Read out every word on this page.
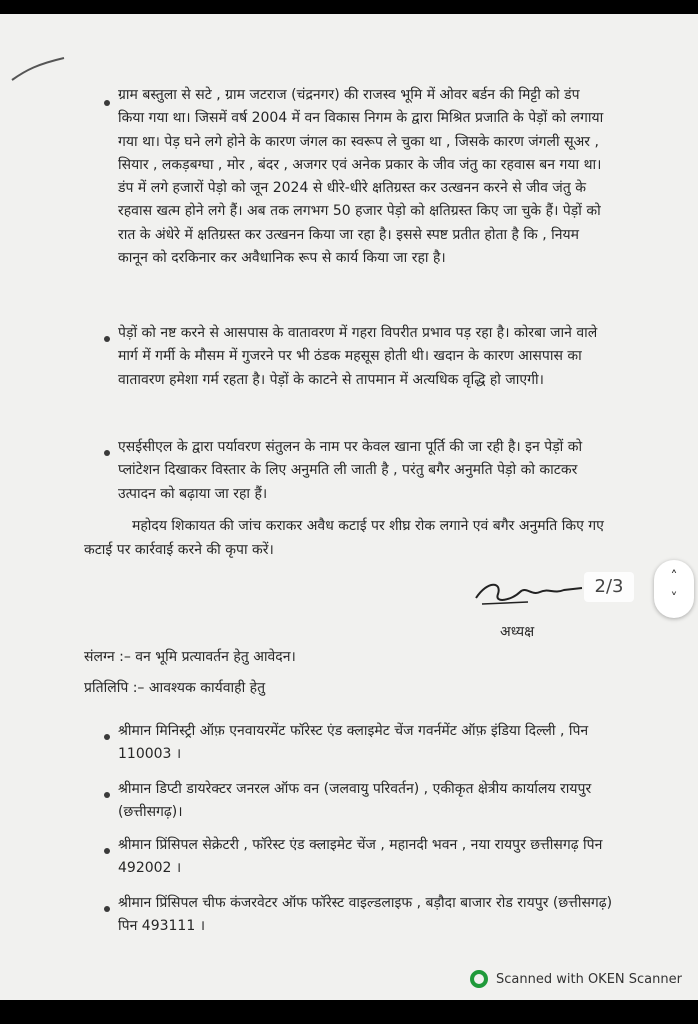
ग्राम बस्तुला से सटे , ग्राम जटराज (चंद्रनगर) की राजस्व भूमि में ओवर बर्डन की मिट्टी को डंप किया गया था। जिसमें वर्ष 2004 में वन विकास निगम के द्वारा मिश्रित प्रजाति के पेड़ों को लगाया गया था। पेड़ घने लगे होने के कारण जंगल का स्वरूप ले चुका था , जिसके कारण जंगली सूअर , सियार , लकड़बग्घा , मोर , बंदर , अजगर एवं अनेक प्रकार के जीव जंतु का रहवास बन गया था। डंप में लगे हजारों पेड़ो को जून 2024 से धीरे-धीरे क्षतिग्रस्त कर उत्खनन करने से जीव जंतु के रहवास खत्म होने लगे हैं। अब तक लगभग 50 हजार पेड़ो को क्षतिग्रस्त किए जा चुके हैं। पेड़ों को रात के अंधेरे में क्षतिग्रस्त कर उत्खनन किया जा रहा है। इससे स्पष्ट प्रतीत होता है कि , नियम कानून को दरकिनार कर अवैधानिक रूप से कार्य किया जा रहा है।
पेड़ों को नष्ट करने से आसपास के वातावरण में गहरा विपरीत प्रभाव पड़ रहा है। कोरबा जाने वाले मार्ग में गर्मी के मौसम में गुजरने पर भी ठंडक महसूस होती थी। खदान के कारण आसपास का वातावरण हमेशा गर्म रहता है। पेड़ों के काटने से तापमान में अत्यधिक वृद्धि हो जाएगी।
एसईसीएल के द्वारा पर्यावरण संतुलन के नाम पर केवल खाना पूर्ति की जा रही है। इन पेड़ों को प्लांटेशन दिखाकर विस्तार के लिए अनुमति ली जाती है , परंतु बगैर अनुमति पेड़ो को काटकर उत्पादन को बढ़ाया जा रहा हैं।
महोदय शिकायत की जांच कराकर अवैध कटाई पर शीघ्र रोक लगाने एवं बगैर अनुमति किए गए कटाई पर कार्रवाई करने की कृपा करें।
अध्यक्ष
संलग्न :– वन भूमि प्रत्यावर्तन हेतु आवेदन।
प्रतिलिपि :– आवश्यक कार्यवाही हेतु
श्रीमान मिनिस्ट्री ऑफ़ एनवायरमेंट फॉरेस्ट एंड क्लाइमेट चेंज गवर्नमेंट ऑफ़ इंडिया दिल्ली , पिन 110003 ।
श्रीमान डिप्टी डायरेक्टर जनरल ऑफ वन (जलवायु परिवर्तन) , एकीकृत क्षेत्रीय कार्यालय रायपुर (छत्तीसगढ़)।
श्रीमान प्रिंसिपल सेक्रेटरी , फॉरेस्ट एंड क्लाइमेट चेंज , महानदी भवन , नया रायपुर छत्तीसगढ़ पिन 492002 ।
श्रीमान प्रिंसिपल चीफ कंजरवेटर ऑफ फॉरेस्ट वाइल्डलाइफ , बड़ौदा बाजार रोड रायपुर (छत्तीसगढ़) पिन 493111 ।
Scanned with OKEN Scanner
2/3	˄
˅
